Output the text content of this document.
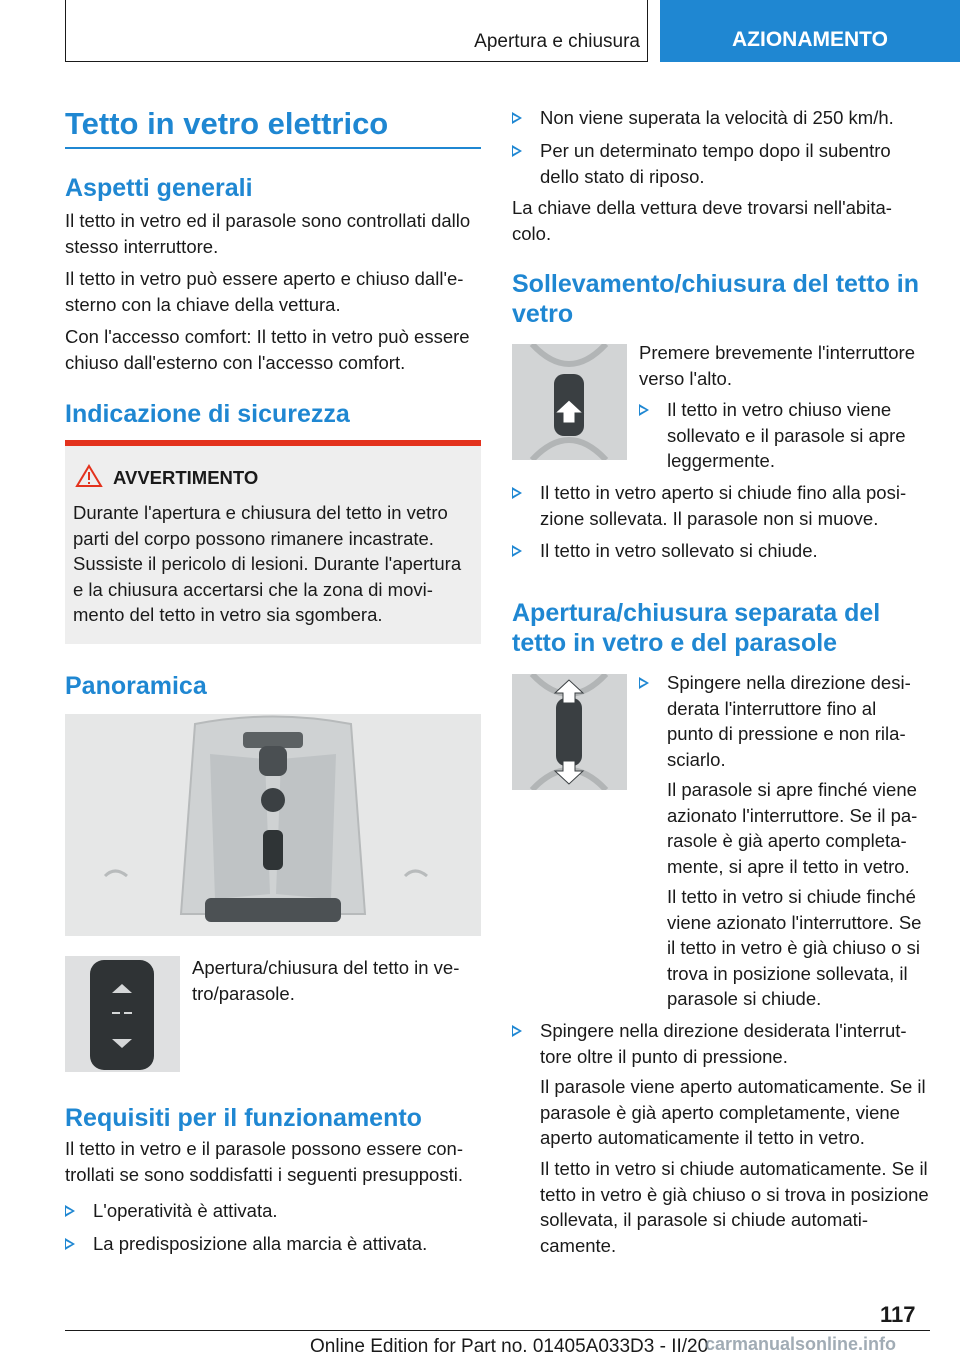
Apertura e chiusura	AZIONAMENTO
Tetto in vetro elettrico
Aspetti generali

Il tetto in vetro ed il parasole sono controllati dallo stesso interruttore.

Il tetto in vetro può essere aperto e chiuso dall'esterno con la chiave della vettura.

Con l'accesso comfort: Il tetto in vetro può essere chiuso dall'esterno con l'accesso comfort.

Indicazione di sicurezza
AVVERTIMENTO
Durante l'apertura e chiusura del tetto in vetro parti del corpo possono rimanere incastrate. Sussiste il pericolo di lesioni. Durante l'apertura e la chiusura accertarsi che la zona di movimento del tetto in vetro sia sgombera.
Panoramica

Apertura/chiusura del tetto in vetro/parasole.

Requisiti per il funzionamento

Il tetto in vetro e il parasole possono essere controllati se sono soddisfatti i seguenti presupposti.

L'operatività è attivata.
La predisposizione alla marcia è attivata.
Non viene superata la velocità di 250 km/h.
Per un determinato tempo dopo il subentro dello stato di riposo.

La chiave della vettura deve trovarsi nell'abitacolo.

Sollevamento/chiusura del tetto in vetro

Premere brevemente l'interruttore verso l'alto.

Il tetto in vetro chiuso viene sollevato e il parasole si apre leggermente.
Il tetto in vetro aperto si chiude fino alla posizione sollevata. Il parasole non si muove.
Il tetto in vetro sollevato si chiude.
Apertura/chiusura separata del tetto in vetro e del parasole
Spingere nella direzione desiderata l'interruttore fino al punto di pressione e non rilasciarlo.

Il parasole si apre finché viene azionato l'interruttore. Se il parasole è già aperto completamente, si apre il tetto in vetro.

Il tetto in vetro si chiude finché viene azionato l'interruttore. Se il tetto in vetro è già chiuso o si trova in posizione sollevata, il parasole si chiude.

Spingere nella direzione desiderata l'interruttore oltre il punto di pressione.

Il parasole viene aperto automaticamente. Se il parasole è già aperto completamente, viene aperto automaticamente il tetto in vetro.

Il tetto in vetro si chiude automaticamente. Se il tetto in vetro è già chiuso o si trova in posizione sollevata, il parasole si chiude automaticamente.

117
Online Edition for Part no. 01405A033D3 - II/20
carmanualsonline.info
